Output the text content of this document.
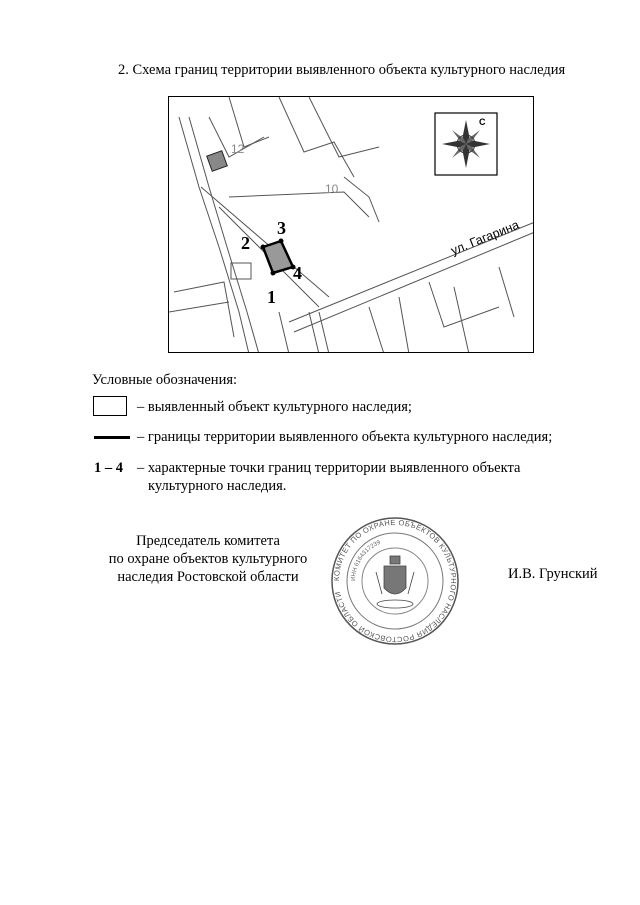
2. Схема границ территории выявленного объекта культурного наследия
12
10
1
2
3
4
ул. Гагарина
С
Условные обозначения:
– выявленный объект культурного наследия;
– границы территории выявленного объекта культурного наследия;
1 – 4 – характерные точки границ территории выявленного объекта
культурного наследия.
Председатель комитета
по охране объектов культурного
наследия Ростовской области	КОМИТЕТ ПО ОХРАНЕ ОБЪЕКТОВ КУЛЬТУРНОГО НАСЛЕДИЯ РОСТОВСКОЙ ОБЛАСТИ
ИНН 6164317239
И.В. Грунский
